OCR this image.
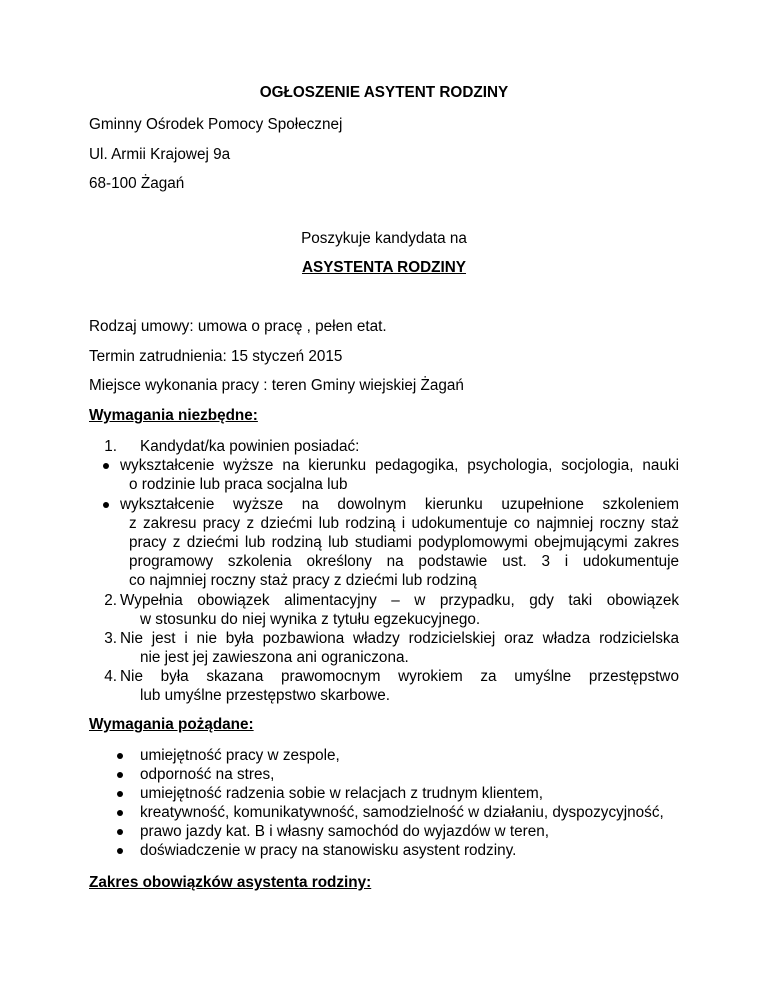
OGŁOSZENIE ASYTENT RODZINY
Gminny Ośrodek Pomocy Społecznej
Ul. Armii Krajowej 9a
68-100 Żagań
Poszykuje kandydata na
ASYSTENTA RODZINY
Rodzaj umowy: umowa o pracę , pełen etat.
Termin zatrudnienia: 15 styczeń 2015
Miejsce wykonania pracy : teren Gminy wiejskiej Żagań
Wymagania niezbędne:
1. Kandydat/ka powinien posiadać:
wykształcenie wyższe na kierunku pedagogika, psychologia, socjologia, nauki
o rodzinie lub praca socjalna lub
wykształcenie wyższe na dowolnym kierunku uzupełnione szkoleniem
z zakresu pracy z dziećmi lub rodziną i udokumentuje co najmniej roczny staż
pracy z dziećmi lub rodziną lub studiami podyplomowymi obejmującymi zakres
programowy szkolenia określony na podstawie ust. 3 i udokumentuje
co najmniej roczny staż pracy z dziećmi lub rodziną
2. Wypełnia obowiązek alimentacyjny – w przypadku, gdy taki obowiązek
w stosunku do niej wynika z tytułu egzekucyjnego.
3. Nie jest i nie była pozbawiona władzy rodzicielskiej oraz władza rodzicielska
nie jest jej zawieszona ani ograniczona.
4. Nie była skazana prawomocnym wyrokiem za umyślne przestępstwo
lub umyślne przestępstwo skarbowe.
Wymagania pożądane:
umiejętność pracy w zespole,
odporność na stres,
umiejętność radzenia sobie w relacjach z trudnym klientem,
kreatywność, komunikatywność, samodzielność w działaniu, dyspozycyjność,
prawo jazdy kat. B i własny samochód do wyjazdów w teren,
doświadczenie w pracy na stanowisku asystent rodziny.
Zakres obowiązków asystenta rodziny:
